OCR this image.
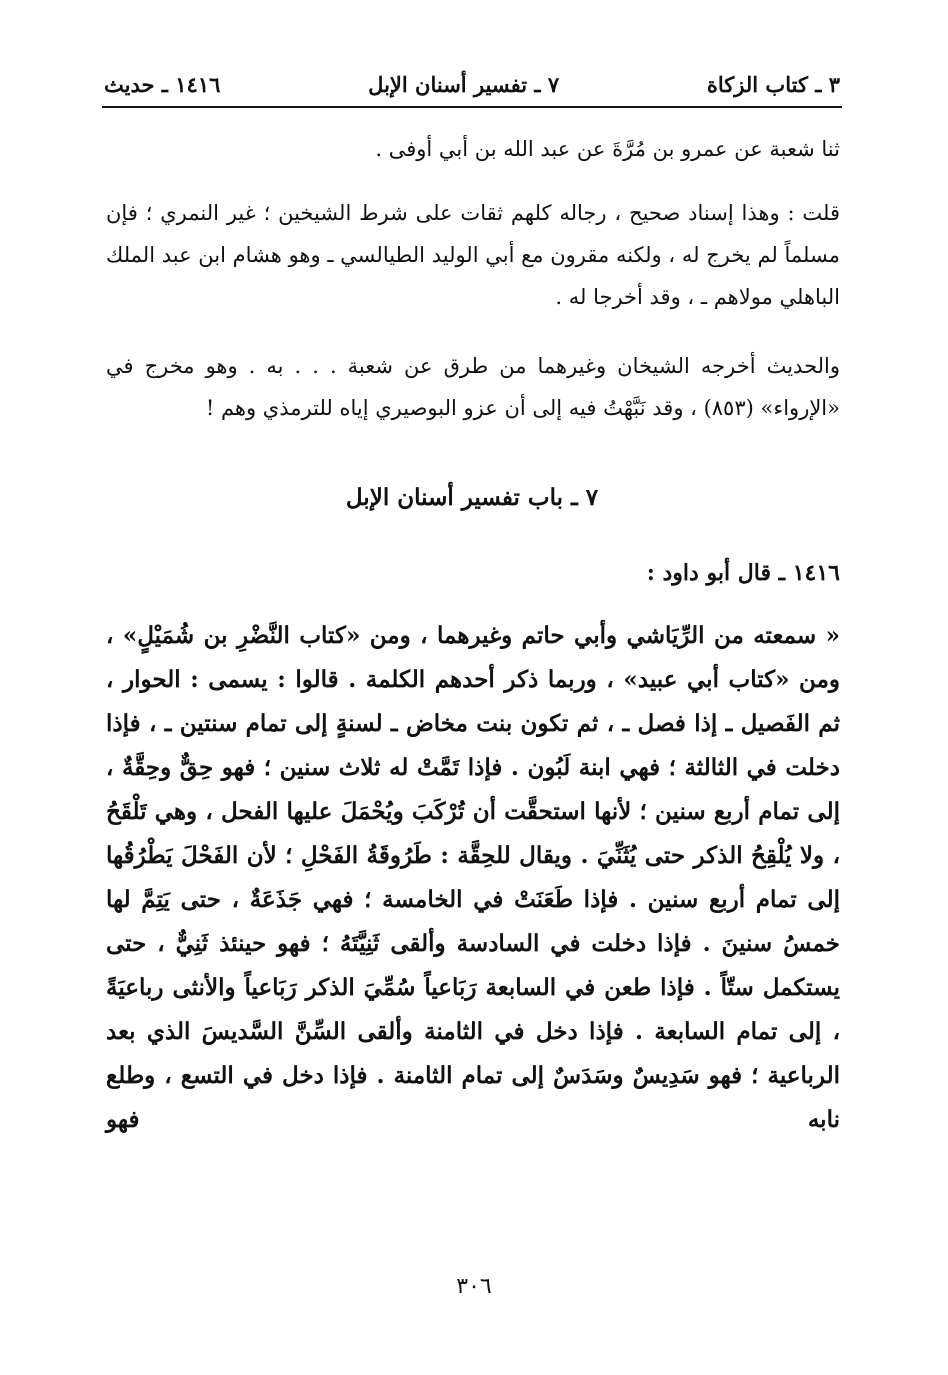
٣ ـ كتاب الزكاة
٧ ـ تفسير أسنان الإبل
١٤١٦ ـ حديث

ثنا شعبة عن عمرو بن مُرَّةَ عن عبد الله بن أبي أوفى .

قلت : وهذا إسناد صحيح ، رجاله كلهم ثقات على شرط الشيخين ؛ غير النمري ؛ فإن مسلماً لم يخرج له ، ولكنه مقرون مع أبي الوليد الطيالسي ـ وهو هشام ابن عبد الملك الباهلي مولاهم ـ ، وقد أخرجا له .

والحديث أخرجه الشيخان وغيرهما من طرق عن شعبة . . . به . وهو مخرج في «الإرواء» (٨٥٣) ، وقد نَبَّهْتُ فيه إلى أن عزو البوصيري إياه للترمذي وهم !

٧ ـ باب تفسير أسنان الإبل
١٤١٦ ـ قال أبو داود :

« سمعته من الرِّيَاشي وأبي حاتم وغيرهما ، ومن «كتاب النَّضْرِ بن شُمَيْلٍ» ، ومن «كتاب أبي عبيد» ، وربما ذكر أحدهم الكلمة . قالوا : يسمى : الحوار ، ثم الفَصيل ـ إذا فصل ـ ، ثم تكون بنت مخاض ـ لسنةٍ إلى تمام سنتين ـ ، فإذا دخلت في الثالثة ؛ فهي ابنة لَبُون . فإذا تَمَّتْ له ثلاث سنين ؛ فهو حِقٌّ وحِقَّةٌ ، إلى تمام أربع سنين ؛ لأنها استحقَّت أن تُرْكَبَ ويُحْمَلَ عليها الفحل ، وهي تَلْقَحُ ، ولا يُلْقِحُ الذكر حتى يُثَنِّيَ . ويقال للحِقَّة : طَرُوقَةُ الفَحْلِ ؛ لأن الفَحْلَ يَطْرُقُها إلى تمام أربع سنين . فإذا طَعَنَتْ في الخامسة ؛ فهي جَذَعَةٌ ، حتى يَتِمَّ لها خمسُ سنينَ . فإذا دخلت في السادسة وألقى ثَنِيَّتَهُ ؛ فهو حينئذ ثَنِيٌّ ، حتى يستكمل ستّاً . فإذا طعن في السابعة رَبَاعياً سُمِّيَ الذكر رَبَاعياً والأنثى رباعيَةً ، إلى تمام السابعة . فإذا دخل في الثامنة وألقى السِّنَّ السَّديسَ الذي بعد الرباعية ؛ فهو سَدِيسٌ وسَدَسٌ إلى تمام الثامنة . فإذا دخل في التسع ، وطلع نابه فهو

٣٠٦
